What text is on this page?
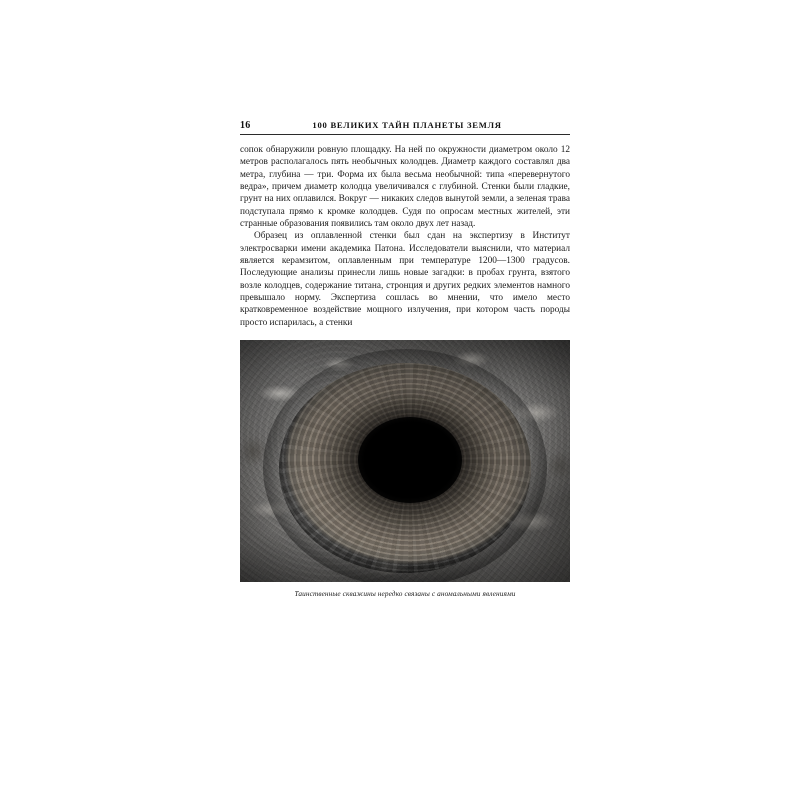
16	100 ВЕЛИКИХ ТАЙН ПЛАНЕТЫ ЗЕМЛЯ

сопок обнаружили ровную площадку. На ней по окружности диаметром около 12 метров располагалось пять необычных колодцев. Диаметр каждого составлял два метра, глубина — три. Форма их была весьма необычной: типа «перевернутого ведра», причем диаметр колодца увеличивался с глубиной. Стенки были гладкие, грунт на них оплавился. Вокруг — никаких следов вынутой земли, а зеленая трава подступала прямо к кромке колодцев. Судя по опросам местных жителей, эти странные образования появились там около двух лет назад.

Образец из оплавленной стенки был сдан на экспертизу в Институт электросварки имени академика Патона. Исследователи выяснили, что материал является керамзитом, оплавленным при температуре 1200—1300 градусов. Последующие анализы принесли лишь новые загадки: в пробах грунта, взятого возле колодцев, содержание титана, стронция и других редких элементов намного превышало норму. Экспертиза сошлась во мнении, что имело место кратковременное воздействие мощного излучения, при котором часть породы просто испарилась, а стенки

Таинственные скважины нередко связаны с аномальными явлениями
